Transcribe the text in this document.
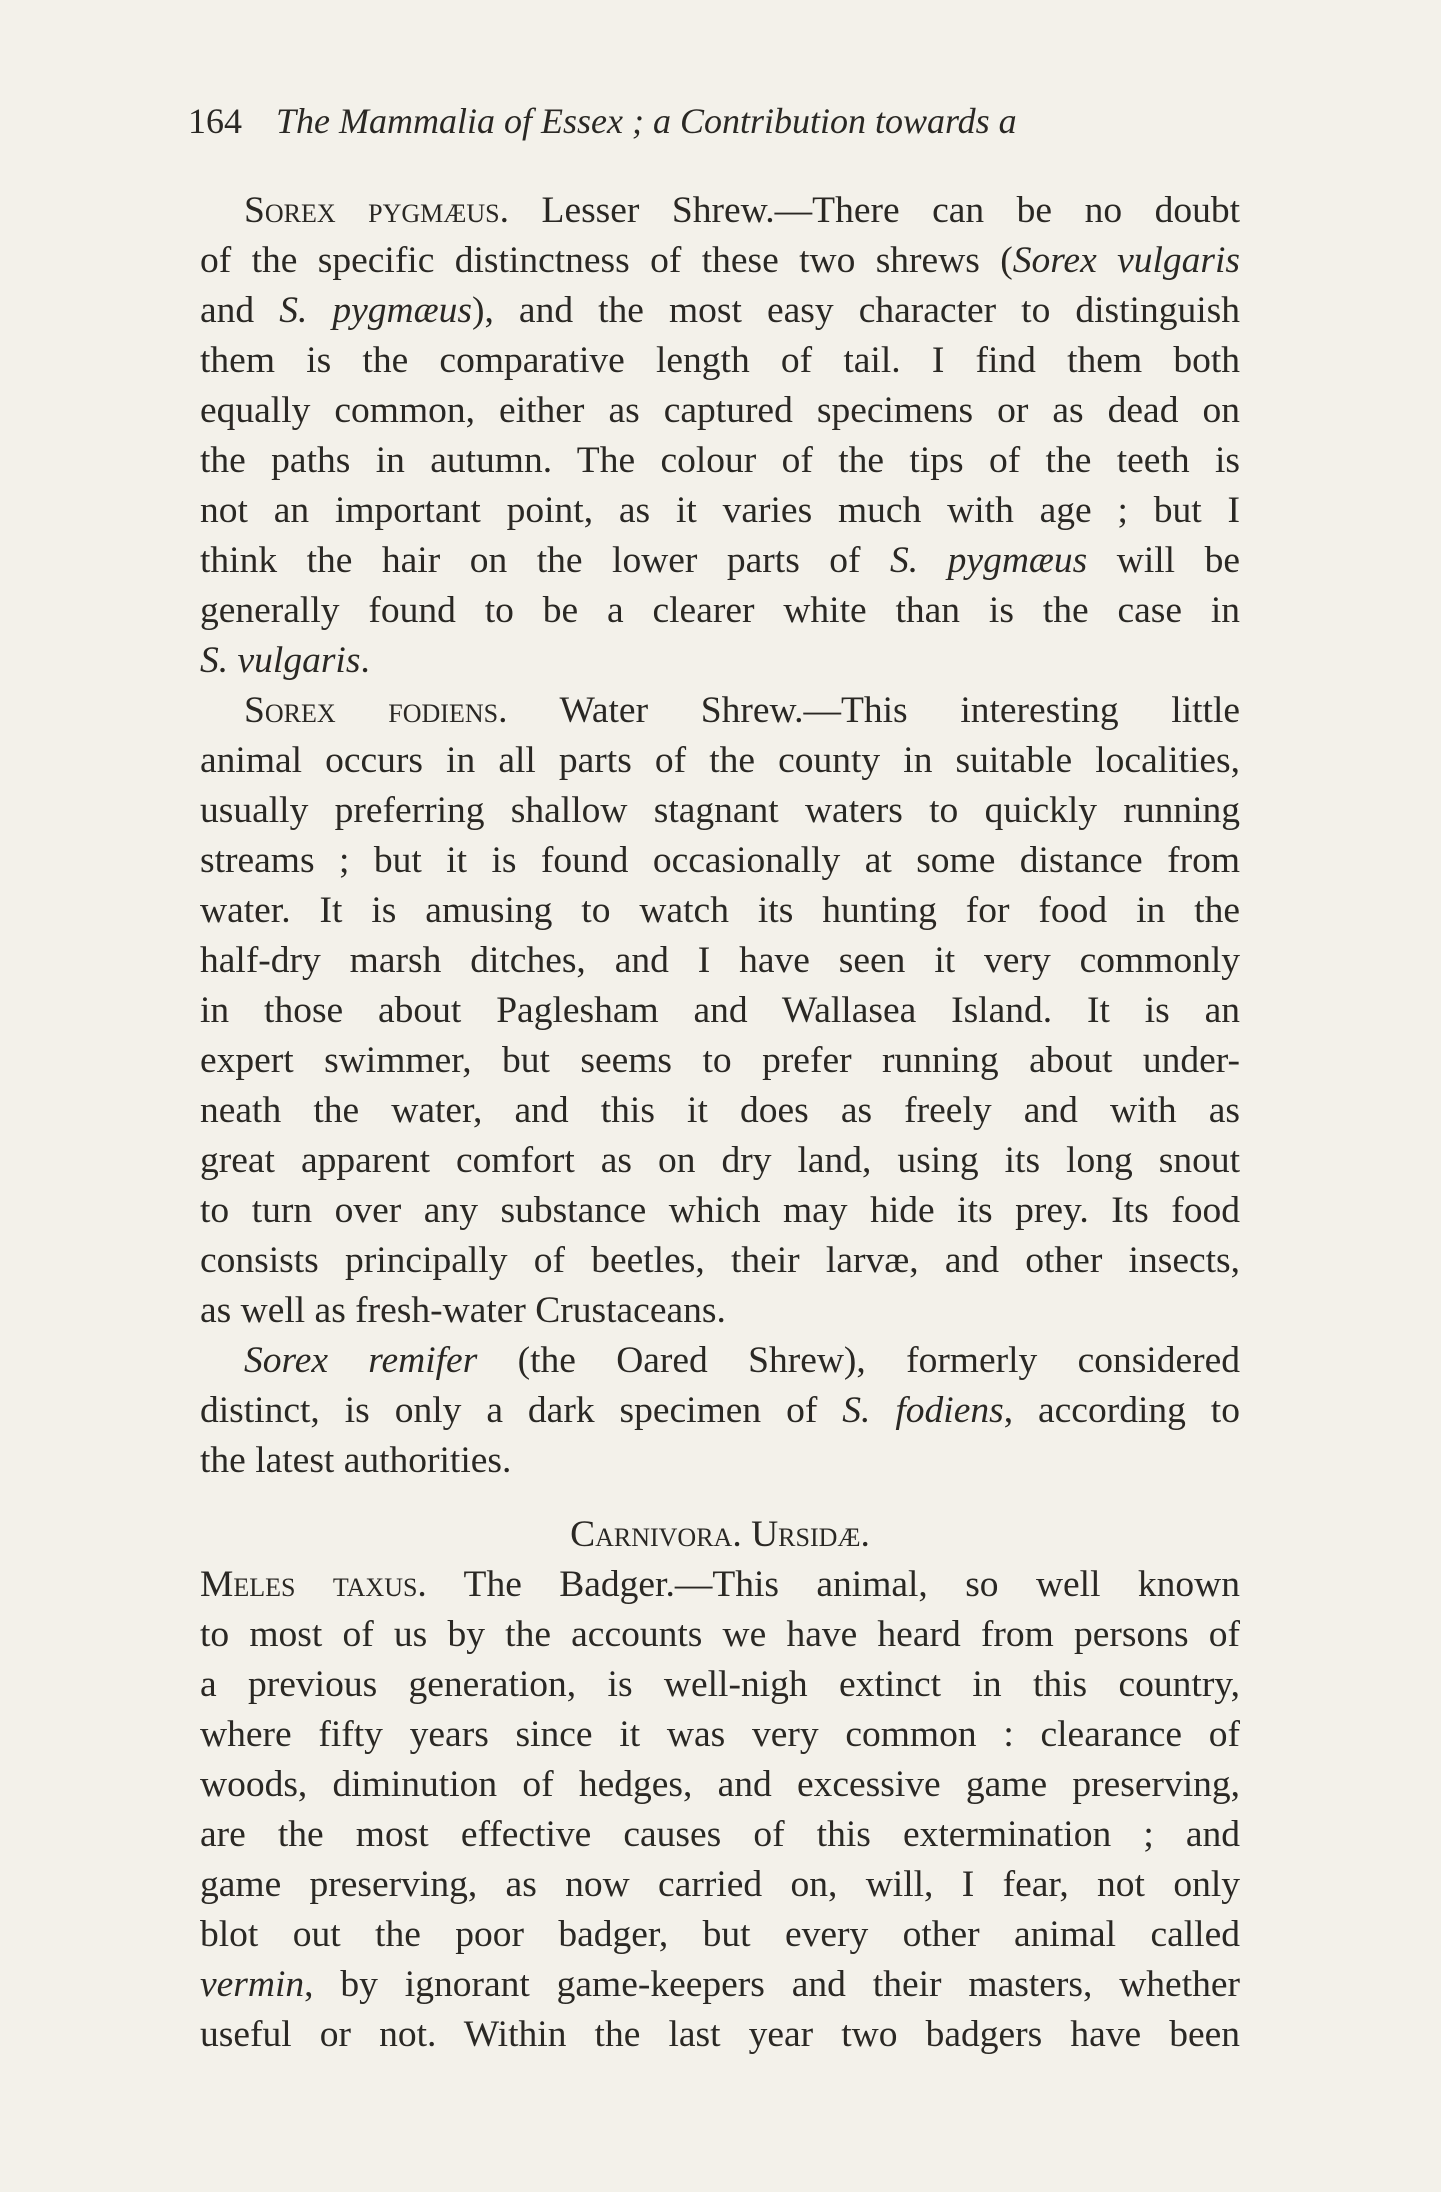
164 The Mammalia of Essex ; a Contribution towards a
Sorex pygmæus. Lesser Shrew.—There can be no doubt
of the specific distinctness of these two shrews (Sorex vulgaris
and S. pygmæus), and the most easy character to distinguish
them is the comparative length of tail. I find them both
equally common, either as captured specimens or as dead on
the paths in autumn. The colour of the tips of the teeth is
not an important point, as it varies much with age ; but I
think the hair on the lower parts of S. pygmæus will be
generally found to be a clearer white than is the case in
S. vulgaris.
Sorex fodiens. Water Shrew.—This interesting little
animal occurs in all parts of the county in suitable localities,
usually preferring shallow stagnant waters to quickly running
streams ; but it is found occasionally at some distance from
water. It is amusing to watch its hunting for food in the
half-dry marsh ditches, and I have seen it very commonly
in those about Paglesham and Wallasea Island. It is an
expert swimmer, but seems to prefer running about under-
neath the water, and this it does as freely and with as
great apparent comfort as on dry land, using its long snout
to turn over any substance which may hide its prey. Its food
consists principally of beetles, their larvæ, and other insects,
as well as fresh-water Crustaceans.
Sorex remifer (the Oared Shrew), formerly considered
distinct, is only a dark specimen of S. fodiens, according to
the latest authorities.
Carnivora. Ursidæ.
Meles taxus. The Badger.—This animal, so well known
to most of us by the accounts we have heard from persons of
a previous generation, is well-nigh extinct in this country,
where fifty years since it was very common : clearance of
woods, diminution of hedges, and excessive game preserving,
are the most effective causes of this extermination ; and
game preserving, as now carried on, will, I fear, not only
blot out the poor badger, but every other animal called
vermin, by ignorant game-keepers and their masters, whether
useful or not. Within the last year two badgers have been
